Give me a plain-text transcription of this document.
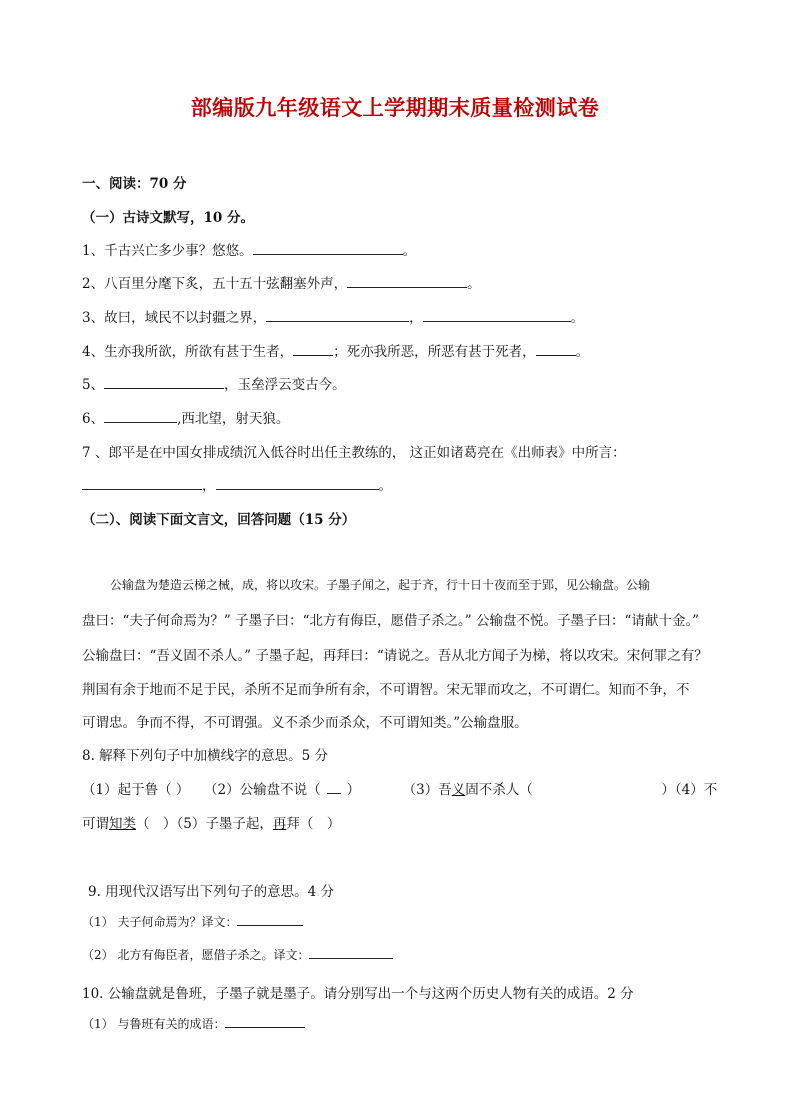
部编版九年级语文上学期期末质量检测试卷
一、阅读：70 分
（一）古诗文默写，10 分。
1、千古兴亡多少事？悠悠。	。
2、八百里分麾下炙，五十五十弦翻塞外声，	。
3、故曰，域民不以封疆之界，	，	。
4、生亦我所欲，所欲有甚于生者，	；死亦我所恶，所恶有甚于死者，	。
5、	，玉垒浮云变古今。
6、	,西北望，射天狼。
7 、郎平是在中国女排成绩沉入低谷时出任主教练的， 这正如诸葛亮在《出师表》中所言：
，	。
（二）、阅读下面文言文，回答问题（15 分）
公输盘为楚造云梯之械，成，将以攻宋。子墨子闻之，起于齐，行十日十夜而至于郢，见公输盘。公输
盘曰：“夫子何命焉为？” 子墨子曰：“北方有侮臣，愿借子杀之。” 公输盘不悦。子墨子曰：“请献十金。”
公输盘曰：“吾义固不杀人。” 子墨子起，再拜曰：“请说之。吾从北方闻子为梯，将以攻宋。宋何罪之有？
荆国有余于地而不足于民，杀所不足而争所有余，不可谓智。宋无罪而攻之，不可谓仁。知而不争，不
可谓忠。争而不得，不可谓强。义不杀少而杀众，不可谓知类。”公输盘服。
8. 解释下列句子中加横线字的意思。5 分
（1）起于鲁（ ） （2）公输盘不说（ ）	（3）吾义固不杀人（	）（4）不
可谓知类（　）（5）子墨子起，再拜（　）
9. 用现代汉语写出下列句子的意思。4 分
（1） 夫子何命焉为？译文：
（2） 北方有侮臣者，愿借子杀之。译文：
10. 公输盘就是鲁班，子墨子就是墨子。请分别写出一个与这两个历史人物有关的成语。2 分
（1） 与鲁班有关的成语：
